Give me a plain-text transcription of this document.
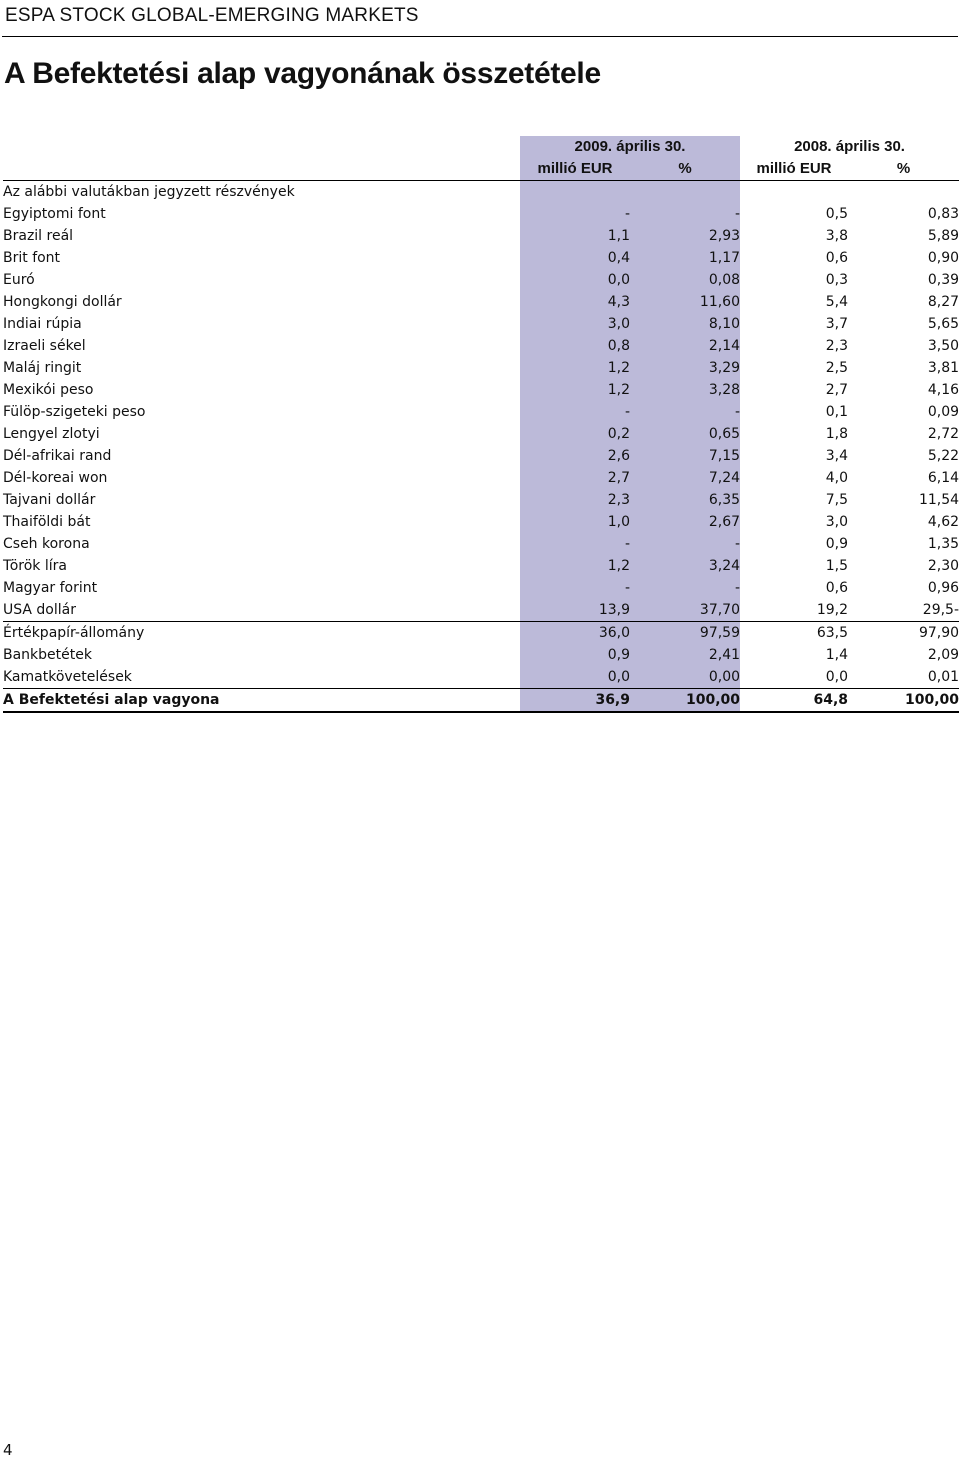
ESPA STOCK GLOBAL-EMERGING MARKETS
A Befektetési alap vagyonának összetétele
	2009. április 30.		2008. április 30.	
	millió EUR	%	millió EUR	%
Az alábbi valutákban jegyzett részvények				
Egyiptomi font	-	-	0,5	0,83
Brazil reál	1,1	2,93	3,8	5,89
Brit font	0,4	1,17	0,6	0,90
Euró	0,0	0,08	0,3	0,39
Hongkongi dollár	4,3	11,60	5,4	8,27
Indiai rúpia	3,0	8,10	3,7	5,65
Izraeli sékel	0,8	2,14	2,3	3,50
Maláj ringit	1,2	3,29	2,5	3,81
Mexikói peso	1,2	3,28	2,7	4,16
Fülöp-szigeteki peso	-	-	0,1	0,09
Lengyel zlotyi	0,2	0,65	1,8	2,72
Dél-afrikai rand	2,6	7,15	3,4	5,22
Dél-koreai won	2,7	7,24	4,0	6,14
Tajvani dollár	2,3	6,35	7,5	11,54
Thaiföldi bát	1,0	2,67	3,0	4,62
Cseh korona	-	-	0,9	1,35
Török líra	1,2	3,24	1,5	2,30
Magyar forint	-	-	0,6	0,96
USA dollár	13,9	37,70	19,2	29,5-
Értékpapír-állomány	36,0	97,59	63,5	97,90
Bankbetétek	0,9	2,41	1,4	2,09
Kamatkövetelések	0,0	0,00	0,0	0,01
A Befektetési alap vagyona	36,9	100,00	64,8	100,00
4
